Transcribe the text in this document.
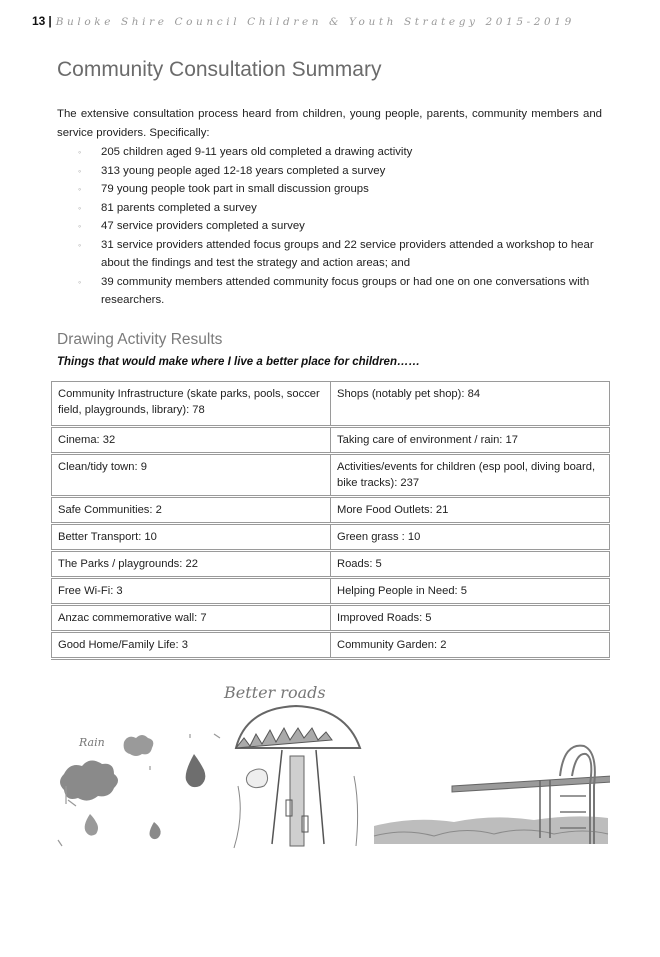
13 | Buloke Shire Council Children & Youth Strategy 2015-2019
Community Consultation Summary

The extensive consultation process heard from children, young people, parents, community members and service providers. Specifically:

◦ 205 children aged 9-11 years old completed a drawing activity
◦ 313 young people aged 12-18 years completed a survey
◦ 79 young people took part in small discussion groups
◦ 81 parents completed a survey
◦ 47 service providers completed a survey
◦ 31 service providers attended focus groups and 22 service providers attended a workshop to hear about the findings and test the strategy and action areas; and
◦ 39 community members attended community focus groups or had one on one conversations with researchers.
Drawing Activity Results
Things that would make where I live a better place for children……
Community Infrastructure (skate parks, pools, soccer field, playgrounds, library): 78	Shops (notably pet shop): 84
Cinema: 32	Taking care of environment / rain: 17
Clean/tidy town: 9	Activities/events for children (esp pool, diving board, bike tracks): 237
Safe Communities: 2	More Food Outlets: 21
Better Transport: 10	Green grass : 10
The Parks / playgrounds: 22	Roads: 5
Free Wi-Fi: 3	Helping People in Need: 5
Anzac commemorative wall: 7	Improved Roads: 5
Good Home/Family Life: 3	Community Garden: 2
Better roads
Rain
